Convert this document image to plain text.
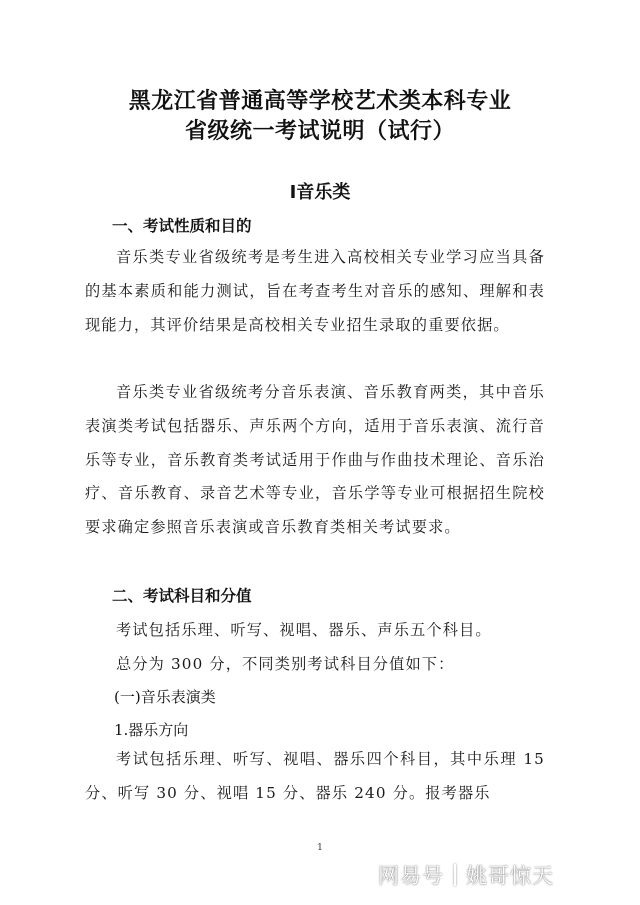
黑龙江省普通高等学校艺术类本科专业
省级统一考试说明（试行）
Ⅰ音乐类
一、考试性质和目的
音乐类专业省级统考是考生进入高校相关专业学习应当具备的基本素质和能力测试，旨在考查考生对音乐的感知、理解和表现能力，其评价结果是高校相关专业招生录取的重要依据。
音乐类专业省级统考分音乐表演、音乐教育两类，其中音乐表演类考试包括器乐、声乐两个方向，适用于音乐表演、流行音乐等专业，音乐教育类考试适用于作曲与作曲技术理论、音乐治疗、音乐教育、录音艺术等专业，音乐学等专业可根据招生院校要求确定参照音乐表演或音乐教育类相关考试要求。
二、考试科目和分值
考试包括乐理、听写、视唱、器乐、声乐五个科目。
总分为 300 分，不同类别考试科目分值如下：
(一)音乐表演类
1.器乐方向
考试包括乐理、听写、视唱、器乐四个科目，其中乐理 15 分、听写 30 分、视唱 15 分、器乐 240 分。报考器乐
1
网易号 姚哥惊天
